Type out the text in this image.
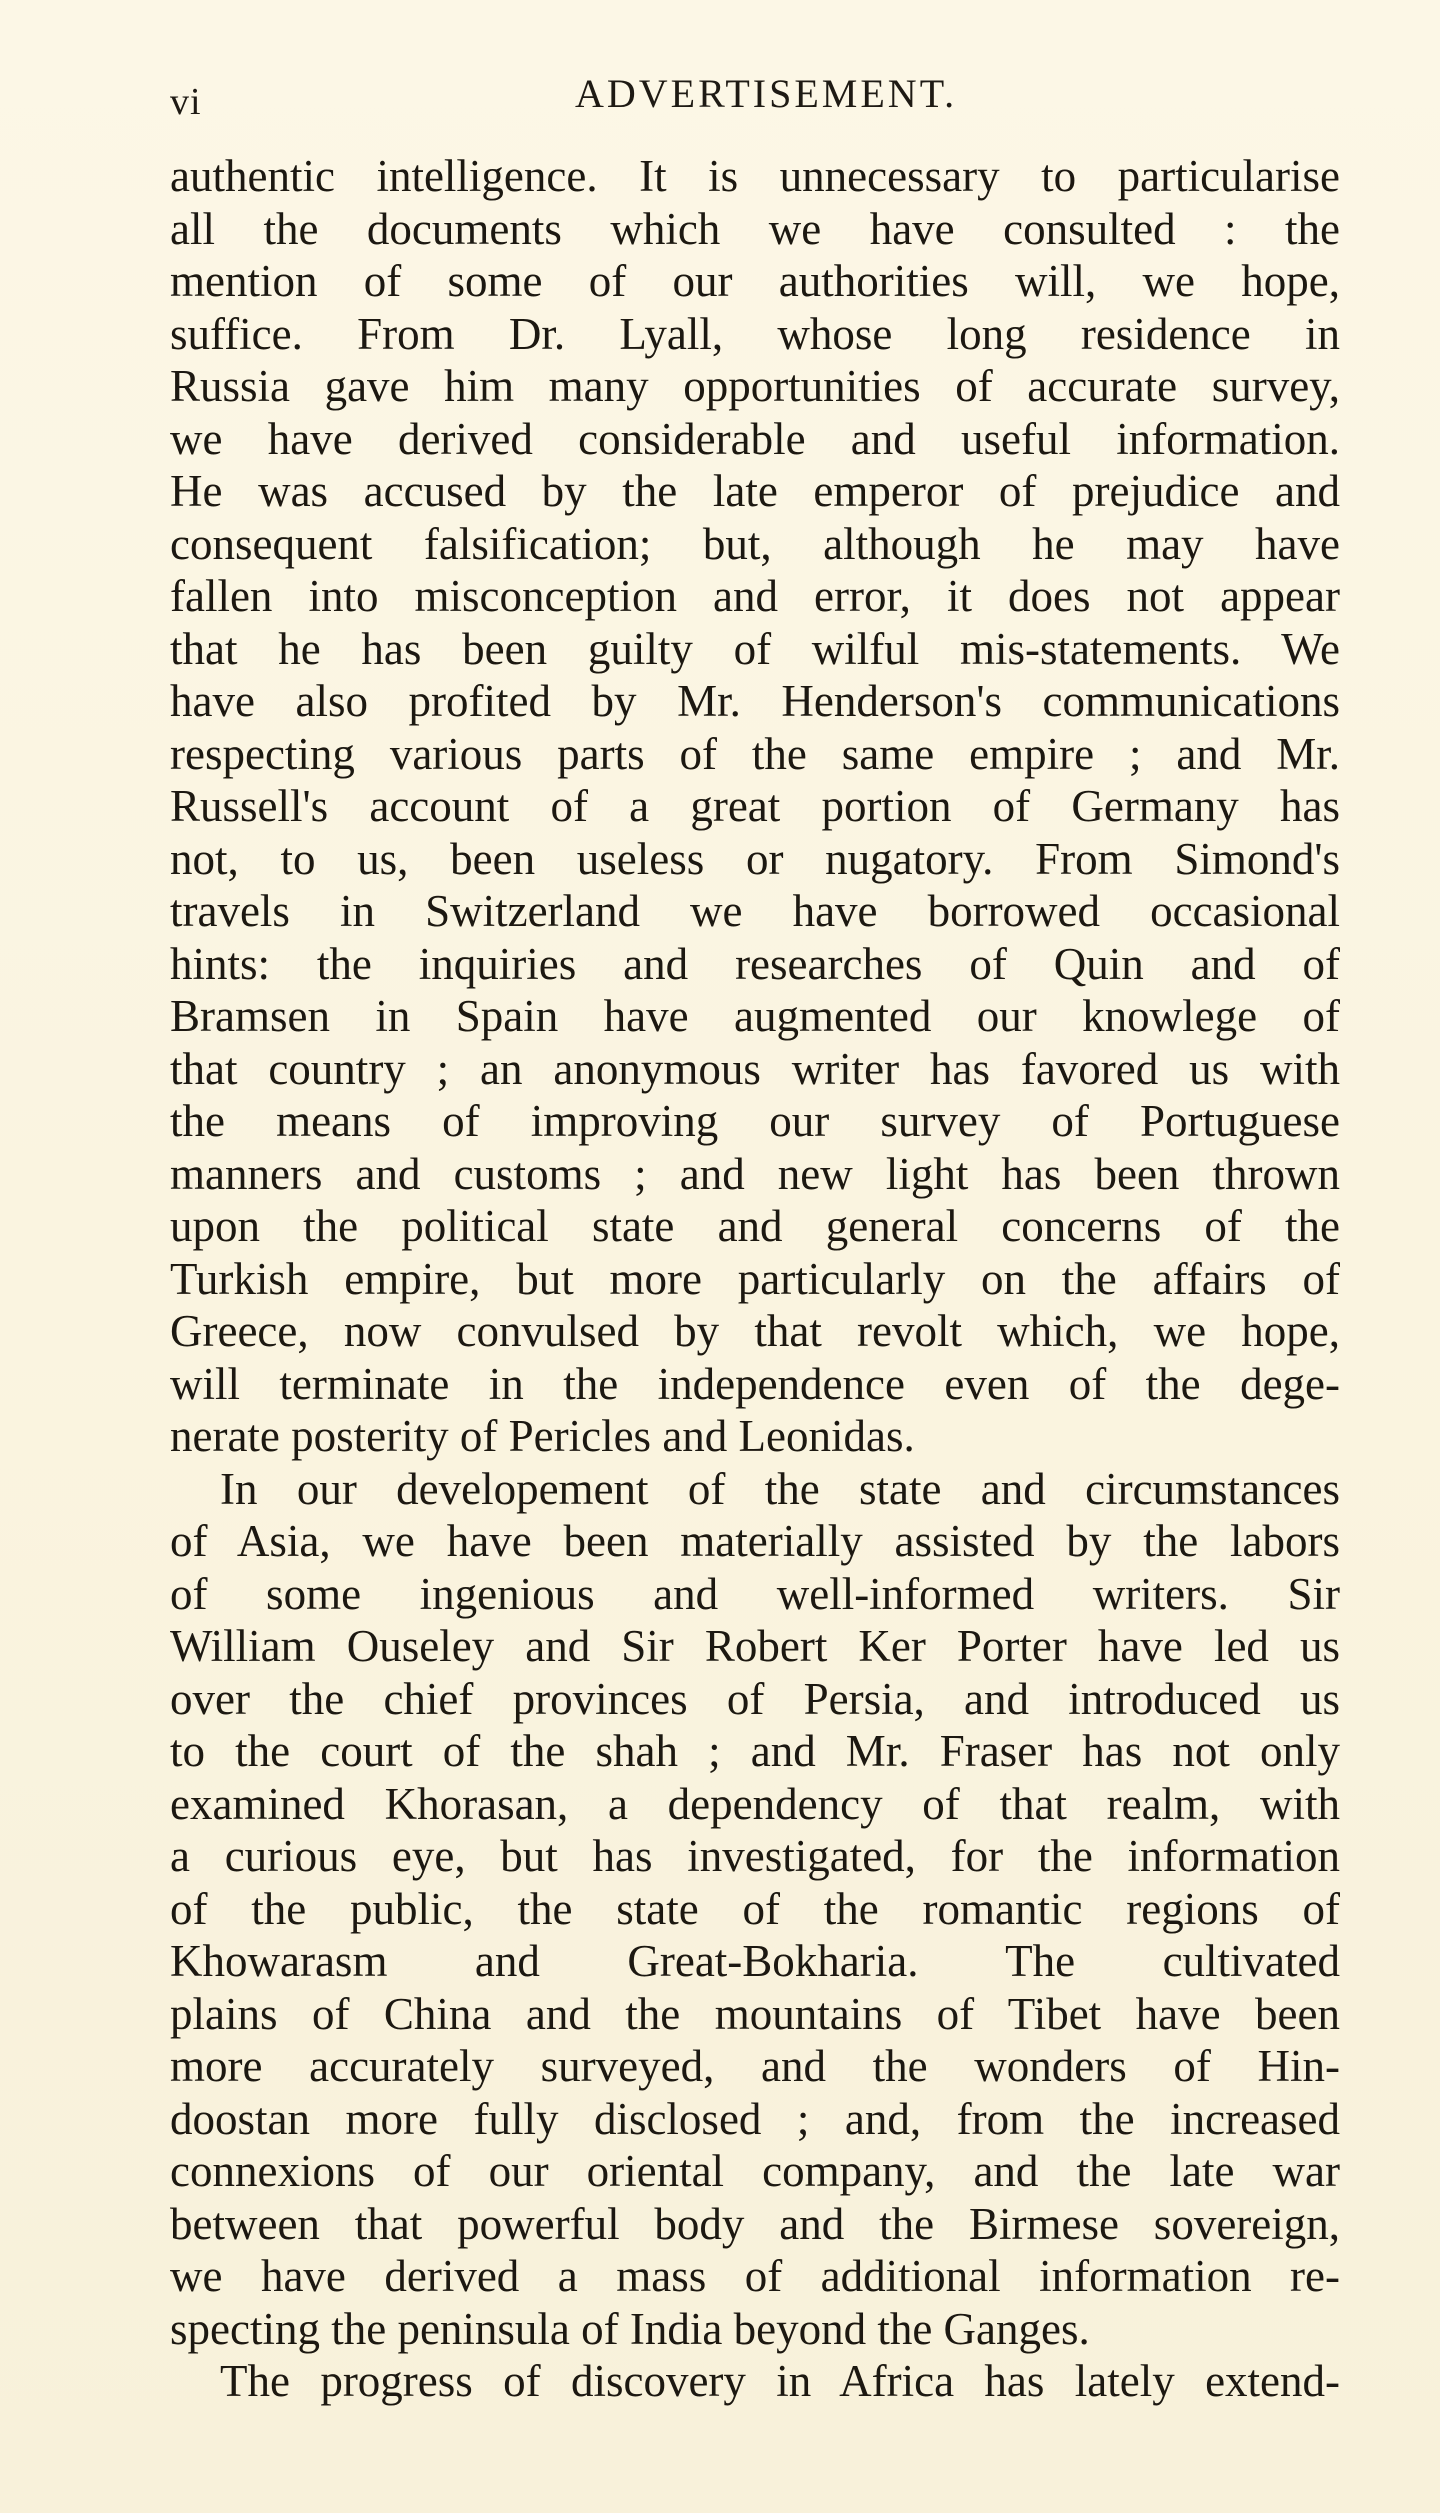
vi	ADVERTISEMENT.
authentic intelligence. It is unnecessary to particularise
all the documents which we have consulted : the
mention of some of our authorities will, we hope,
suffice. From Dr. Lyall, whose long residence in
Russia gave him many opportunities of accurate survey,
we have derived considerable and useful information.
He was accused by the late emperor of prejudice and
consequent falsification; but, although he may have
fallen into misconception and error, it does not appear
that he has been guilty of wilful mis-statements. We
have also profited by Mr. Henderson's communications
respecting various parts of the same empire ; and Mr.
Russell's account of a great portion of Germany has
not, to us, been useless or nugatory. From Simond's
travels in Switzerland we have borrowed occasional
hints: the inquiries and researches of Quin and of
Bramsen in Spain have augmented our knowlege of
that country ; an anonymous writer has favored us with
the means of improving our survey of Portuguese
manners and customs ; and new light has been thrown
upon the political state and general concerns of the
Turkish empire, but more particularly on the affairs of
Greece, now convulsed by that revolt which, we hope,
will terminate in the independence even of the dege-
nerate posterity of Pericles and Leonidas.
In our developement of the state and circumstances
of Asia, we have been materially assisted by the labors
of some ingenious and well-informed writers. Sir
William Ouseley and Sir Robert Ker Porter have led us
over the chief provinces of Persia, and introduced us
to the court of the shah ; and Mr. Fraser has not only
examined Khorasan, a dependency of that realm, with
a curious eye, but has investigated, for the information
of the public, the state of the romantic regions of
Khowarasm and Great-Bokharia. The cultivated
plains of China and the mountains of Tibet have been
more accurately surveyed, and the wonders of Hin-
doostan more fully disclosed ; and, from the increased
connexions of our oriental company, and the late war
between that powerful body and the Birmese sovereign,
we have derived a mass of additional information re-
specting the peninsula of India beyond the Ganges.
The progress of discovery in Africa has lately extend-
